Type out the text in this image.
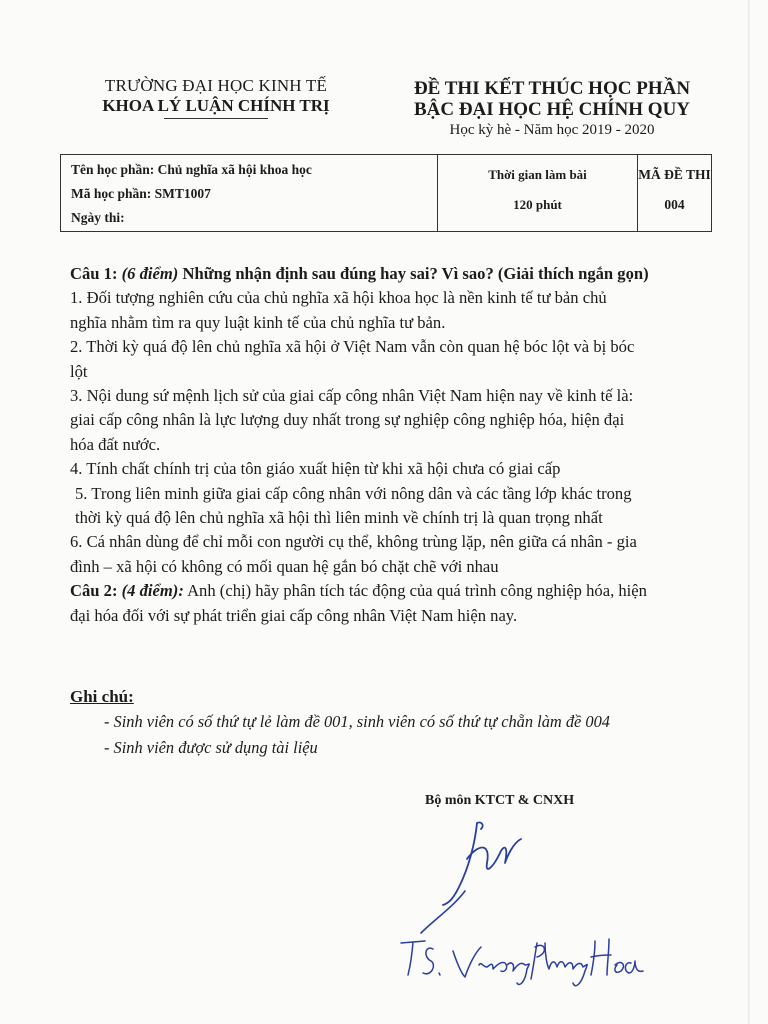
TRƯỜNG ĐẠI HỌC KINH TẾ
KHOA LÝ LUẬN CHÍNH TRỊ
ĐỀ THI KẾT THÚC HỌC PHẦN
BẬC ĐẠI HỌC HỆ CHÍNH QUY
Học kỳ hè - Năm học 2019 - 2020
Tên học phần: Chủ nghĩa xã hội khoa học
Mã học phần: SMT1007
Ngày thi:
Thời gian làm bài
120 phút
MÃ ĐỀ THI
004

Câu 1: (6 điểm) Những nhận định sau đúng hay sai? Vì sao? (Giải thích ngắn gọn)

1. Đối tượng nghiên cứu của chủ nghĩa xã hội khoa học là nền kinh tế tư bản chủ

nghĩa nhằm tìm ra quy luật kinh tế của chủ nghĩa tư bản.

2. Thời kỳ quá độ lên chủ nghĩa xã hội ở Việt Nam vẫn còn quan hệ bóc lột và bị bóc

lột

3. Nội dung sứ mệnh lịch sử của giai cấp công nhân Việt Nam hiện nay về kinh tế là:

giai cấp công nhân là lực lượng duy nhất trong sự nghiệp công nghiệp hóa, hiện đại

hóa đất nước.

4. Tính chất chính trị của tôn giáo xuất hiện từ khi xã hội chưa có giai cấp

5. Trong liên minh giữa giai cấp công nhân với nông dân và các tầng lớp khác trong

thời kỳ quá độ lên chủ nghĩa xã hội thì liên minh về chính trị là quan trọng nhất

6. Cá nhân dùng để chỉ mỗi con người cụ thể, không trùng lặp, nên giữa cá nhân - gia

đình – xã hội có không có mối quan hệ gắn bó chặt chẽ với nhau

Câu 2: (4 điểm): Anh (chị) hãy phân tích tác động của quá trình công nghiệp hóa, hiện

đại hóa đối với sự phát triển giai cấp công nhân Việt Nam hiện nay.

Ghi chú:
- Sinh viên có số thứ tự lẻ làm đề 001, sinh viên có số thứ tự chẵn làm đề 004
- Sinh viên được sử dụng tài liệu
Bộ môn KTCT & CNXH
